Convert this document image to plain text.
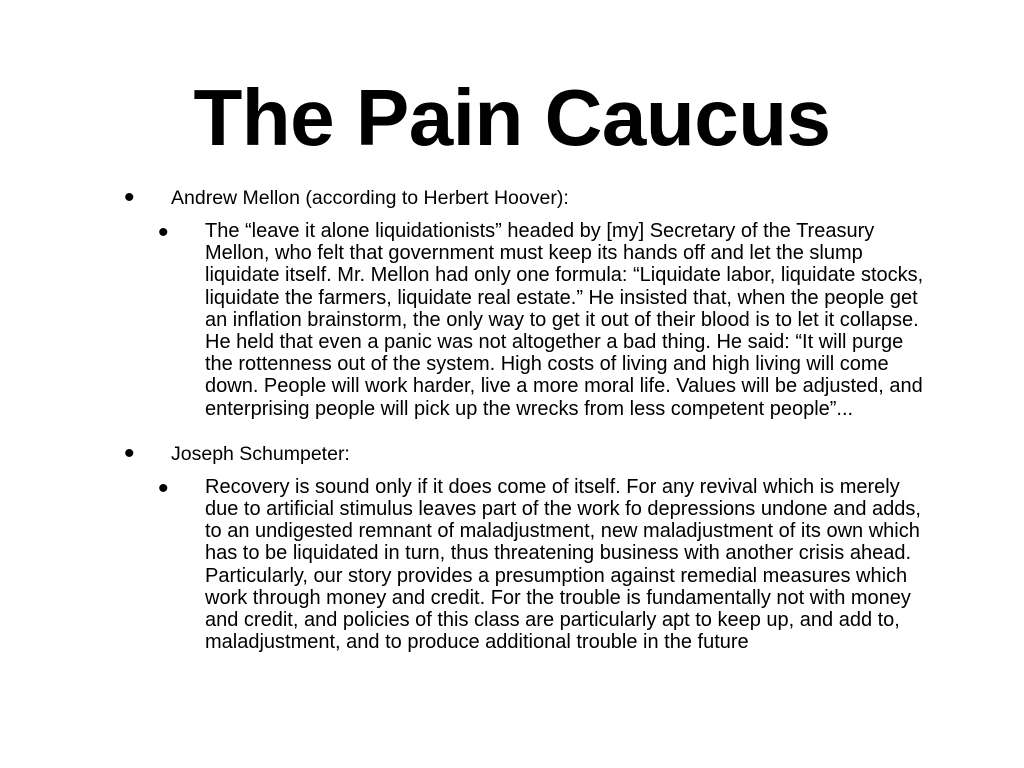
The Pain Caucus
• Andrew Mellon (according to Herbert Hoover):
• The “leave it alone liquidationists” headed by [my] Secretary of the Treasury Mellon, who felt that government must keep its hands off and let the slump liquidate itself. Mr. Mellon had only one formula: “Liquidate labor, liquidate stocks, liquidate the farmers, liquidate real estate.” He insisted that, when the people get an inflation brainstorm, the only way to get it out of their blood is to let it collapse. He held that even a panic was not altogether a bad thing. He said: “It will purge the rottenness out of the system. High costs of living and high living will come down. People will work harder, live a more moral life. Values will be adjusted, and enterprising people will pick up the wrecks from less competent people”...
• Joseph Schumpeter:
• Recovery is sound only if it does come of itself. For any revival which is merely due to artificial stimulus leaves part of the work fo depressions undone and adds, to an undigested remnant of maladjustment, new maladjustment of its own which has to be liquidated in turn, thus threatening business with another crisis ahead. Particularly, our story provides a presumption against remedial measures which work through money and credit. For the trouble is fundamentally not with money and credit, and policies of this class are particularly apt to keep up, and add to, maladjustment, and to produce additional trouble in the future
